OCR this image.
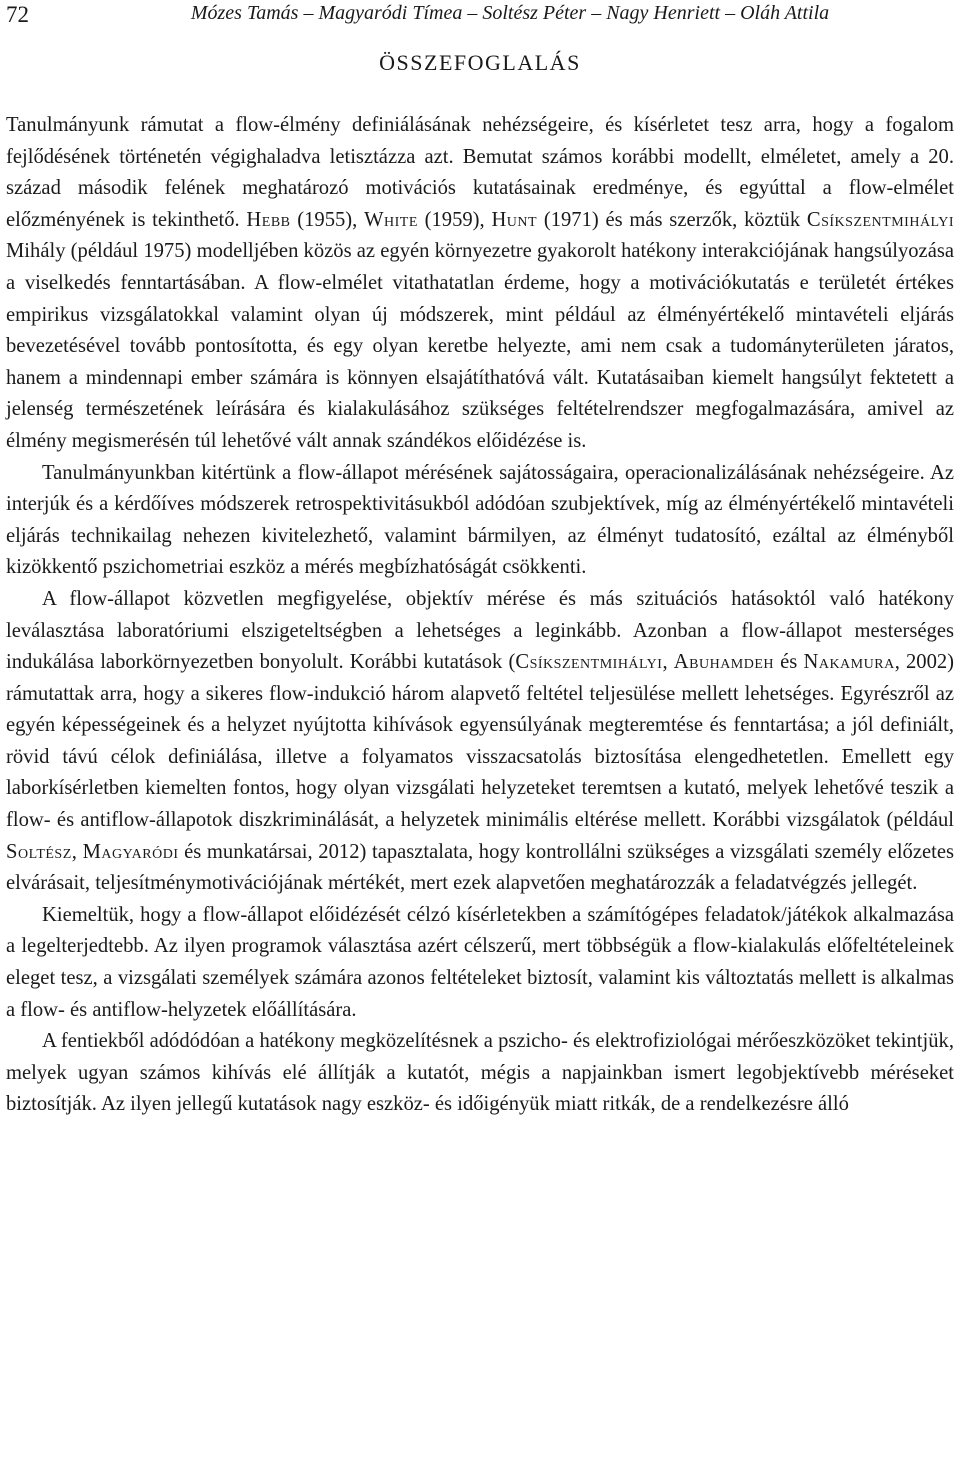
72	Mózes Tamás – Magyaródi Tímea – Soltész Péter – Nagy Henriett – Oláh Attila
ÖSSZEFOGLALÁS

Tanulmányunk rámutat a flow-élmény definiálásának nehézségeire, és kísérletet tesz arra, hogy a fogalom fejlődésének történetén végighaladva letisztázza azt. Bemutat számos korábbi modellt, elméletet, amely a 20. század második felének meghatározó motivációs kutatásainak eredménye, és egyúttal a flow-elmélet előzményének is tekinthető. Hebb (1955), White (1959), Hunt (1971) és más szerzők, köztük Csíkszentmihályi Mihály (például 1975) modelljében közös az egyén környezetre gyakorolt hatékony interakciójának hangsúlyozása a viselkedés fenntartásában. A flow-elmélet vitathatatlan érdeme, hogy a motivációkutatás e területét értékes empirikus vizsgálatokkal valamint olyan új módszerek, mint például az élményértékelő mintavételi eljárás bevezetésével tovább pontosította, és egy olyan keretbe helyezte, ami nem csak a tudományterületen járatos, hanem a mindennapi ember számára is könnyen elsajátíthatóvá vált. Kutatásaiban kiemelt hangsúlyt fektetett a jelenség természetének leírására és kialakulásához szükséges feltételrendszer megfogalmazására, amivel az élmény megismerésén túl lehetővé vált annak szándékos előidézése is.

Tanulmányunkban kitértünk a flow-állapot mérésének sajátosságaira, operacionalizálásának nehézségeire. Az interjúk és a kérdőíves módszerek retrospektivitásukból adódóan szubjektívek, míg az élményértékelő mintavételi eljárás technikailag nehezen kivitelezhető, valamint bármilyen, az élményt tudatosító, ezáltal az élményből kizökkentő pszichometriai eszköz a mérés megbízhatóságát csökkenti.

A flow-állapot közvetlen megfigyelése, objektív mérése és más szituációs hatásoktól való hatékony leválasztása laboratóriumi elszigeteltségben a lehetséges a leginkább. Azonban a flow-állapot mesterséges indukálása laborkörnyezetben bonyolult. Korábbi kutatások (Csíkszentmihályi, Abuhamdeh és Nakamura, 2002) rámutattak arra, hogy a sikeres flow-indukció három alapvető feltétel teljesülése mellett lehetséges. Egyrészről az egyén képességeinek és a helyzet nyújtotta kihívások egyensúlyának megteremtése és fenntartása; a jól definiált, rövid távú célok definiálása, illetve a folyamatos visszacsatolás biztosítása elengedhetetlen. Emellett egy laborkísérletben kiemelten fontos, hogy olyan vizsgálati helyzeteket teremtsen a kutató, melyek lehetővé teszik a flow- és antiflow-állapotok diszkriminálását, a helyzetek minimális eltérése mellett. Korábbi vizsgálatok (például Soltész, Magyaródi és munkatársai, 2012) tapasztalata, hogy kontrollálni szükséges a vizsgálati személy előzetes elvárásait, teljesítménymotivációjának mértékét, mert ezek alapvetően meghatározzák a feladatvégzés jellegét.

Kiemeltük, hogy a flow-állapot előidézését célzó kísérletekben a számítógépes feladatok/játékok alkalmazása a legelterjedtebb. Az ilyen programok választása azért célszerű, mert többségük a flow-kialakulás előfeltételeinek eleget tesz, a vizsgálati személyek számára azonos feltételeket biztosít, valamint kis változtatás mellett is alkalmas a flow- és antiflow-helyzetek előállítására.

A fentiekből adódódóan a hatékony megközelítésnek a pszicho- és elektrofiziológai mérőeszközöket tekintjük, melyek ugyan számos kihívás elé állítják a kutatót, mégis a napjainkban ismert legobjektívebb méréseket biztosítják. Az ilyen jellegű kutatások nagy eszköz- és időigényük miatt ritkák, de a rendelkezésre álló
